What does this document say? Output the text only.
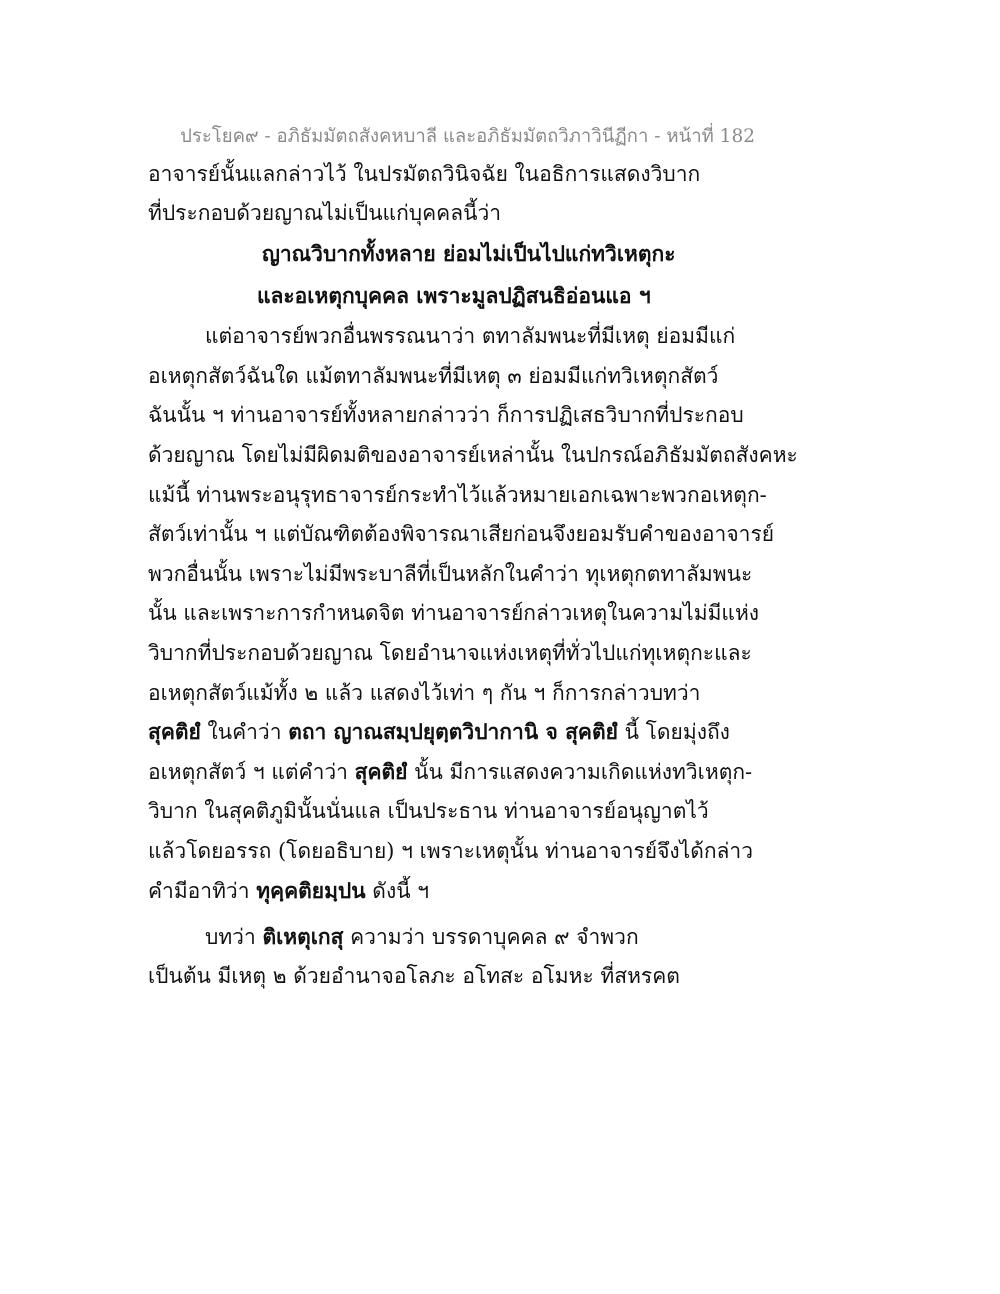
ประโยค๙ - อภิธัมมัตถสังคหบาลี และอภิธัมมัตถวิภาวินีฏีกา - หน้าที่ 182
อาจารย์นั้นแลกล่าวไว้ ในปรมัตถวินิจฉัย ในอธิการแสดงวิบาก
ที่ประกอบด้วยญาณไม่เป็นแก่บุคคลนี้ว่า
ญาณวิบากทั้งหลาย ย่อมไม่เป็นไปแก่ทวิเหตุกะ
และอเหตุกบุคคล เพราะมูลปฏิสนธิอ่อนแอ ฯ
แต่อาจารย์พวกอื่นพรรณนาว่า ตทาลัมพนะที่มีเหตุ ย่อมมีแก่
อเหตุกสัตว์ฉันใด แม้ตทาลัมพนะที่มีเหตุ ๓ ย่อมมีแก่ทวิเหตุกสัตว์
ฉันนั้น ฯ ท่านอาจารย์ทั้งหลายกล่าวว่า ก็การปฏิเสธวิบากที่ประกอบ
ด้วยญาณ โดยไม่มีผิดมติของอาจารย์เหล่านั้น ในปกรณ์อภิธัมมัตถสังคหะ
แม้นี้ ท่านพระอนุรุทธาจารย์กระทำไว้แล้วหมายเอกเฉพาะพวกอเหตุก-
สัตว์เท่านั้น ฯ แต่บัณฑิตต้องพิจารณาเสียก่อนจึงยอมรับคำของอาจารย์
พวกอื่นนั้น เพราะไม่มีพระบาลีที่เป็นหลักในคำว่า ทุเหตุกตทาลัมพนะ
นั้น และเพราะการกำหนดจิต ท่านอาจารย์กล่าวเหตุในความไม่มีแห่ง
วิบากที่ประกอบด้วยญาณ โดยอำนาจแห่งเหตุที่ทั่วไปแก่ทุเหตุกะและ
อเหตุกสัตว์แม้ทั้ง ๒ แล้ว แสดงไว้เท่า ๆ กัน ฯ ก็การกล่าวบทว่า
สุคติยํ ในคำว่า ตถา ญาณสมฺปยุตฺตวิปากานิ จ สุคติยํ นี้ โดยมุ่งถึง
อเหตุกสัตว์ ฯ แต่คำว่า สุคติยํ นั้น มีการแสดงความเกิดแห่งทวิเหตุก-
วิบาก ในสุคติภูมินั้นนั่นแล เป็นประธาน ท่านอาจารย์อนุญาตไว้
แล้วโดยอรรถ (โดยอธิบาย) ฯ เพราะเหตุนั้น ท่านอาจารย์จึงได้กล่าว
คำมีอาทิว่า ทุคฺคติยมฺปน ดังนี้ ฯ
บทว่า ติเหตุเกสุ ความว่า บรรดาบุคคล ๙ จำพวก
เป็นต้น มีเหตุ ๒ ด้วยอำนาจอโลภะ อโทสะ อโมหะ ที่สหรคต
